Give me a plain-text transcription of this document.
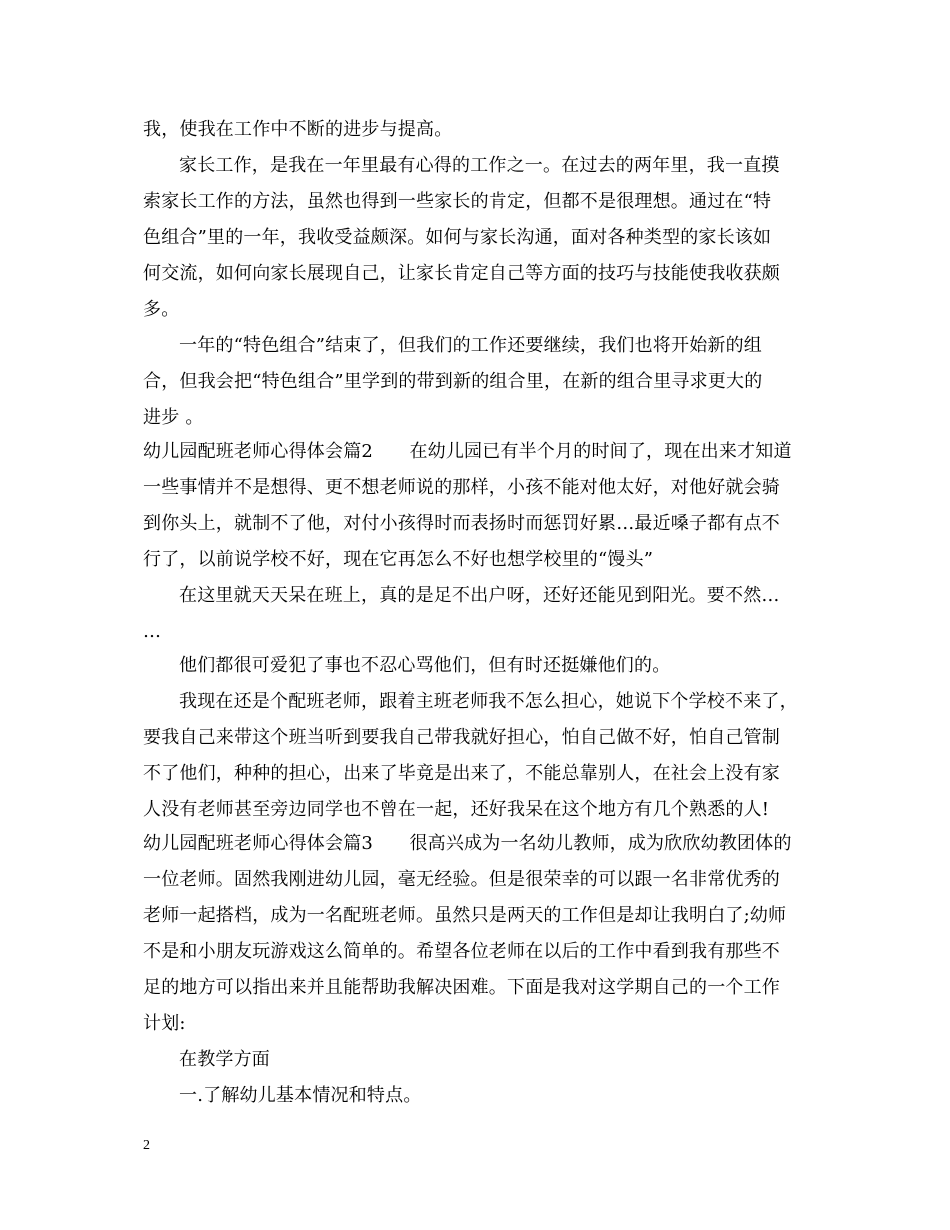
我，使我在工作中不断的进步与提高。
家长工作，是我在一年里最有心得的工作之一。在过去的两年里，我一直摸
索家长工作的方法，虽然也得到一些家长的肯定，但都不是很理想。通过在“特
色组合”里的一年，我收受益颇深。如何与家长沟通，面对各种类型的家长该如
何交流，如何向家长展现自己，让家长肯定自己等方面的技巧与技能使我收获颇
多。
一年的“特色组合”结束了，但我们的工作还要继续，我们也将开始新的组
合，但我会把“特色组合”里学到的带到新的组合里，在新的组合里寻求更大的
进步 。
幼儿园配班老师心得体会篇2　　在幼儿园已有半个月的时间了，现在出来才知道
一些事情并不是想得、更不想老师说的那样，小孩不能对他太好，对他好就会骑
到你头上，就制不了他，对付小孩得时而表扬时而惩罚好累…最近嗓子都有点不
行了，以前说学校不好，现在它再怎么不好也想学校里的“馒头”
在这里就天天呆在班上，真的是足不出户呀，还好还能见到阳光。要不然…
…
他们都很可爱犯了事也不忍心骂他们，但有时还挺嫌他们的。
我现在还是个配班老师，跟着主班老师我不怎么担心，她说下个学校不来了，
要我自己来带这个班当听到要我自己带我就好担心，怕自己做不好，怕自己管制
不了他们，种种的担心，出来了毕竟是出来了，不能总靠别人，在社会上没有家
人没有老师甚至旁边同学也不曾在一起，还好我呆在这个地方有几个熟悉的人!
幼儿园配班老师心得体会篇3　　很高兴成为一名幼儿教师，成为欣欣幼教团体的
一位老师。固然我刚进幼儿园，毫无经验。但是很荣幸的可以跟一名非常优秀的
老师一起搭档，成为一名配班老师。虽然只是两天的工作但是却让我明白了;幼师
不是和小朋友玩游戏这么简单的。希望各位老师在以后的工作中看到我有那些不
足的地方可以指出来并且能帮助我解决困难。下面是我对这学期自己的一个工作
计划:
在教学方面
一.了解幼儿基本情况和特点。
2
